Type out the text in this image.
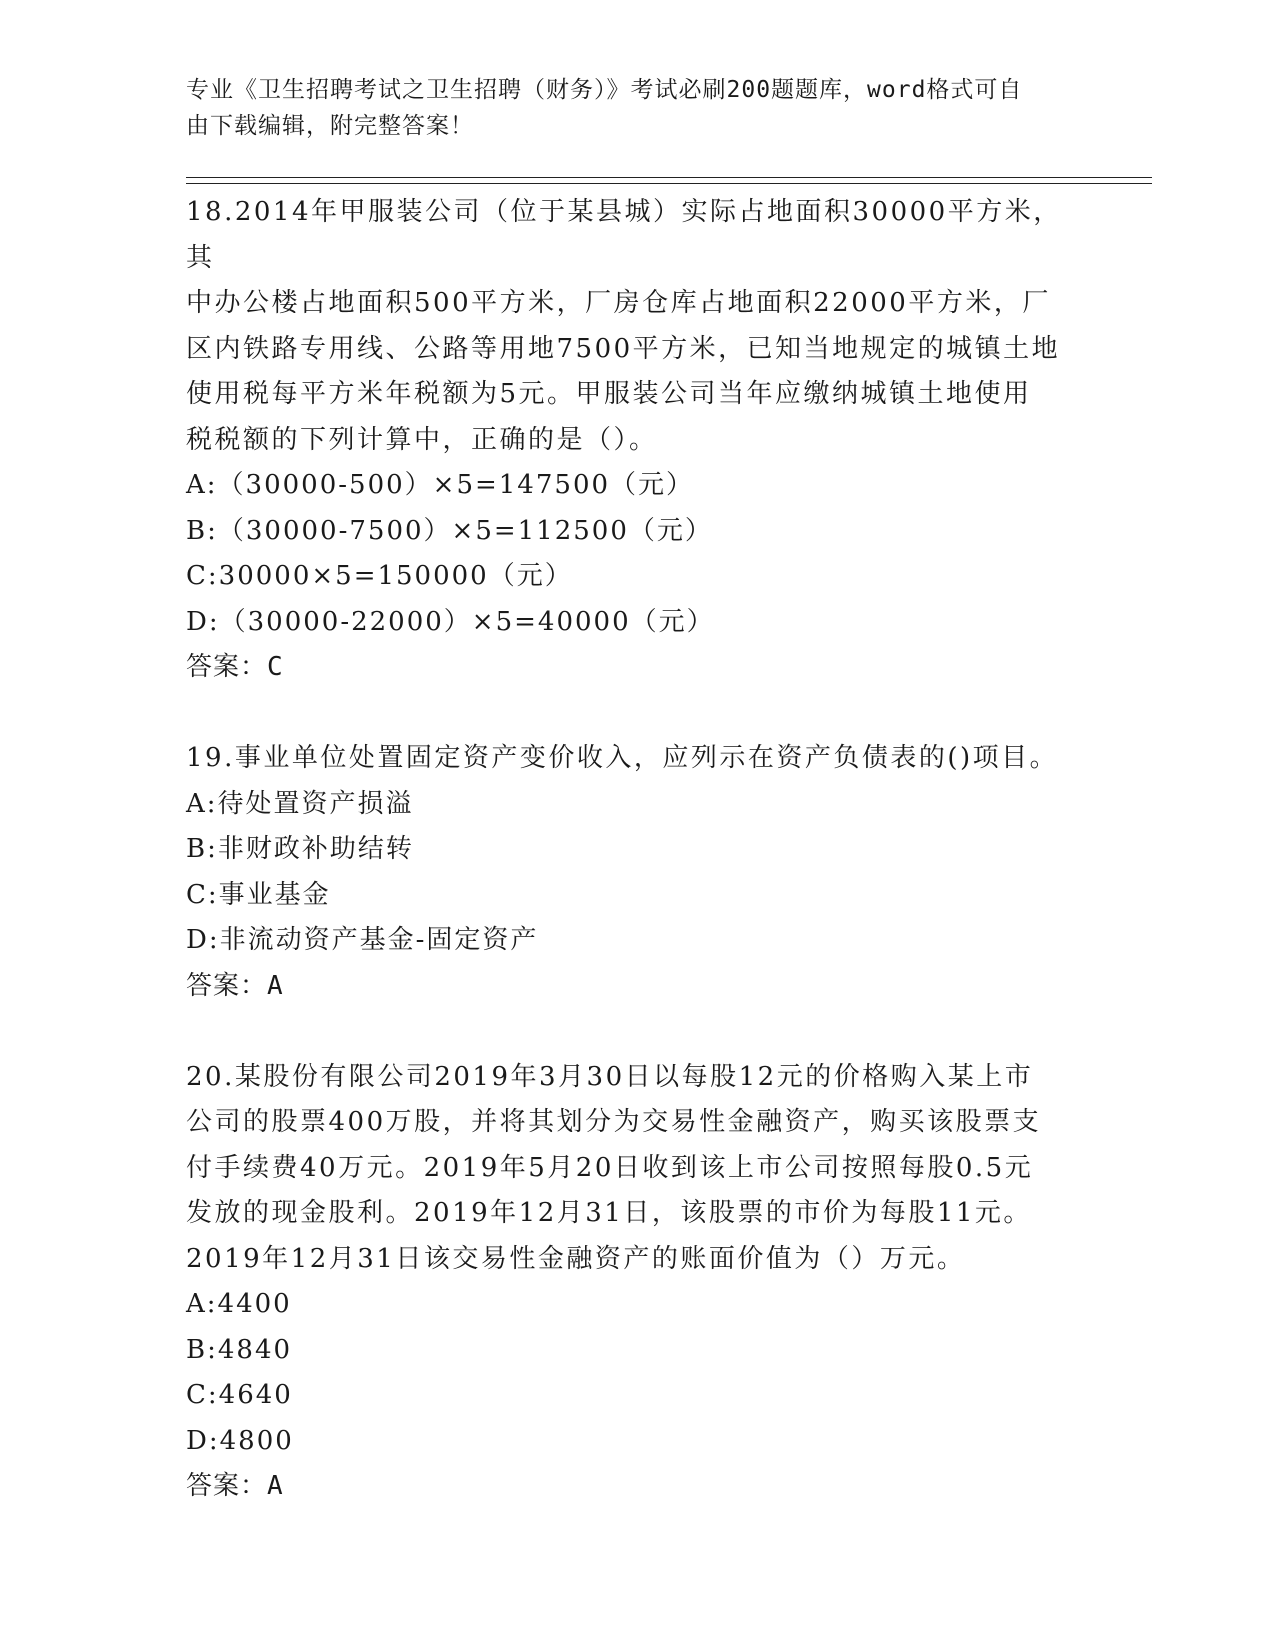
专业《卫生招聘考试之卫生招聘（财务）》考试必刷200题题库，word格式可自
由下载编辑，附完整答案！
18.2014年甲服装公司（位于某县城）实际占地面积30000平方米，其
中办公楼占地面积500平方米，厂房仓库占地面积22000平方米，厂
区内铁路专用线、公路等用地7500平方米，已知当地规定的城镇土地
使用税每平方米年税额为5元。甲服装公司当年应缴纳城镇土地使用
税税额的下列计算中，正确的是（）。
A:（30000-500）×5=147500（元）
B:（30000-7500）×5=112500（元）
C:30000×5=150000（元）
D:（30000-22000）×5=40000（元）
答案：C
19.事业单位处置固定资产变价收入，应列示在资产负债表的()项目。
A:待处置资产损溢
B:非财政补助结转
C:事业基金
D:非流动资产基金-固定资产
答案：A
20.某股份有限公司2019年3月30日以每股12元的价格购入某上市
公司的股票400万股，并将其划分为交易性金融资产，购买该股票支
付手续费40万元。2019年5月20日收到该上市公司按照每股0.5元
发放的现金股利。2019年12月31日，该股票的市价为每股11元。
2019年12月31日该交易性金融资产的账面价值为（）万元。
A:4400
B:4840
C:4640
D:4800
答案：A
